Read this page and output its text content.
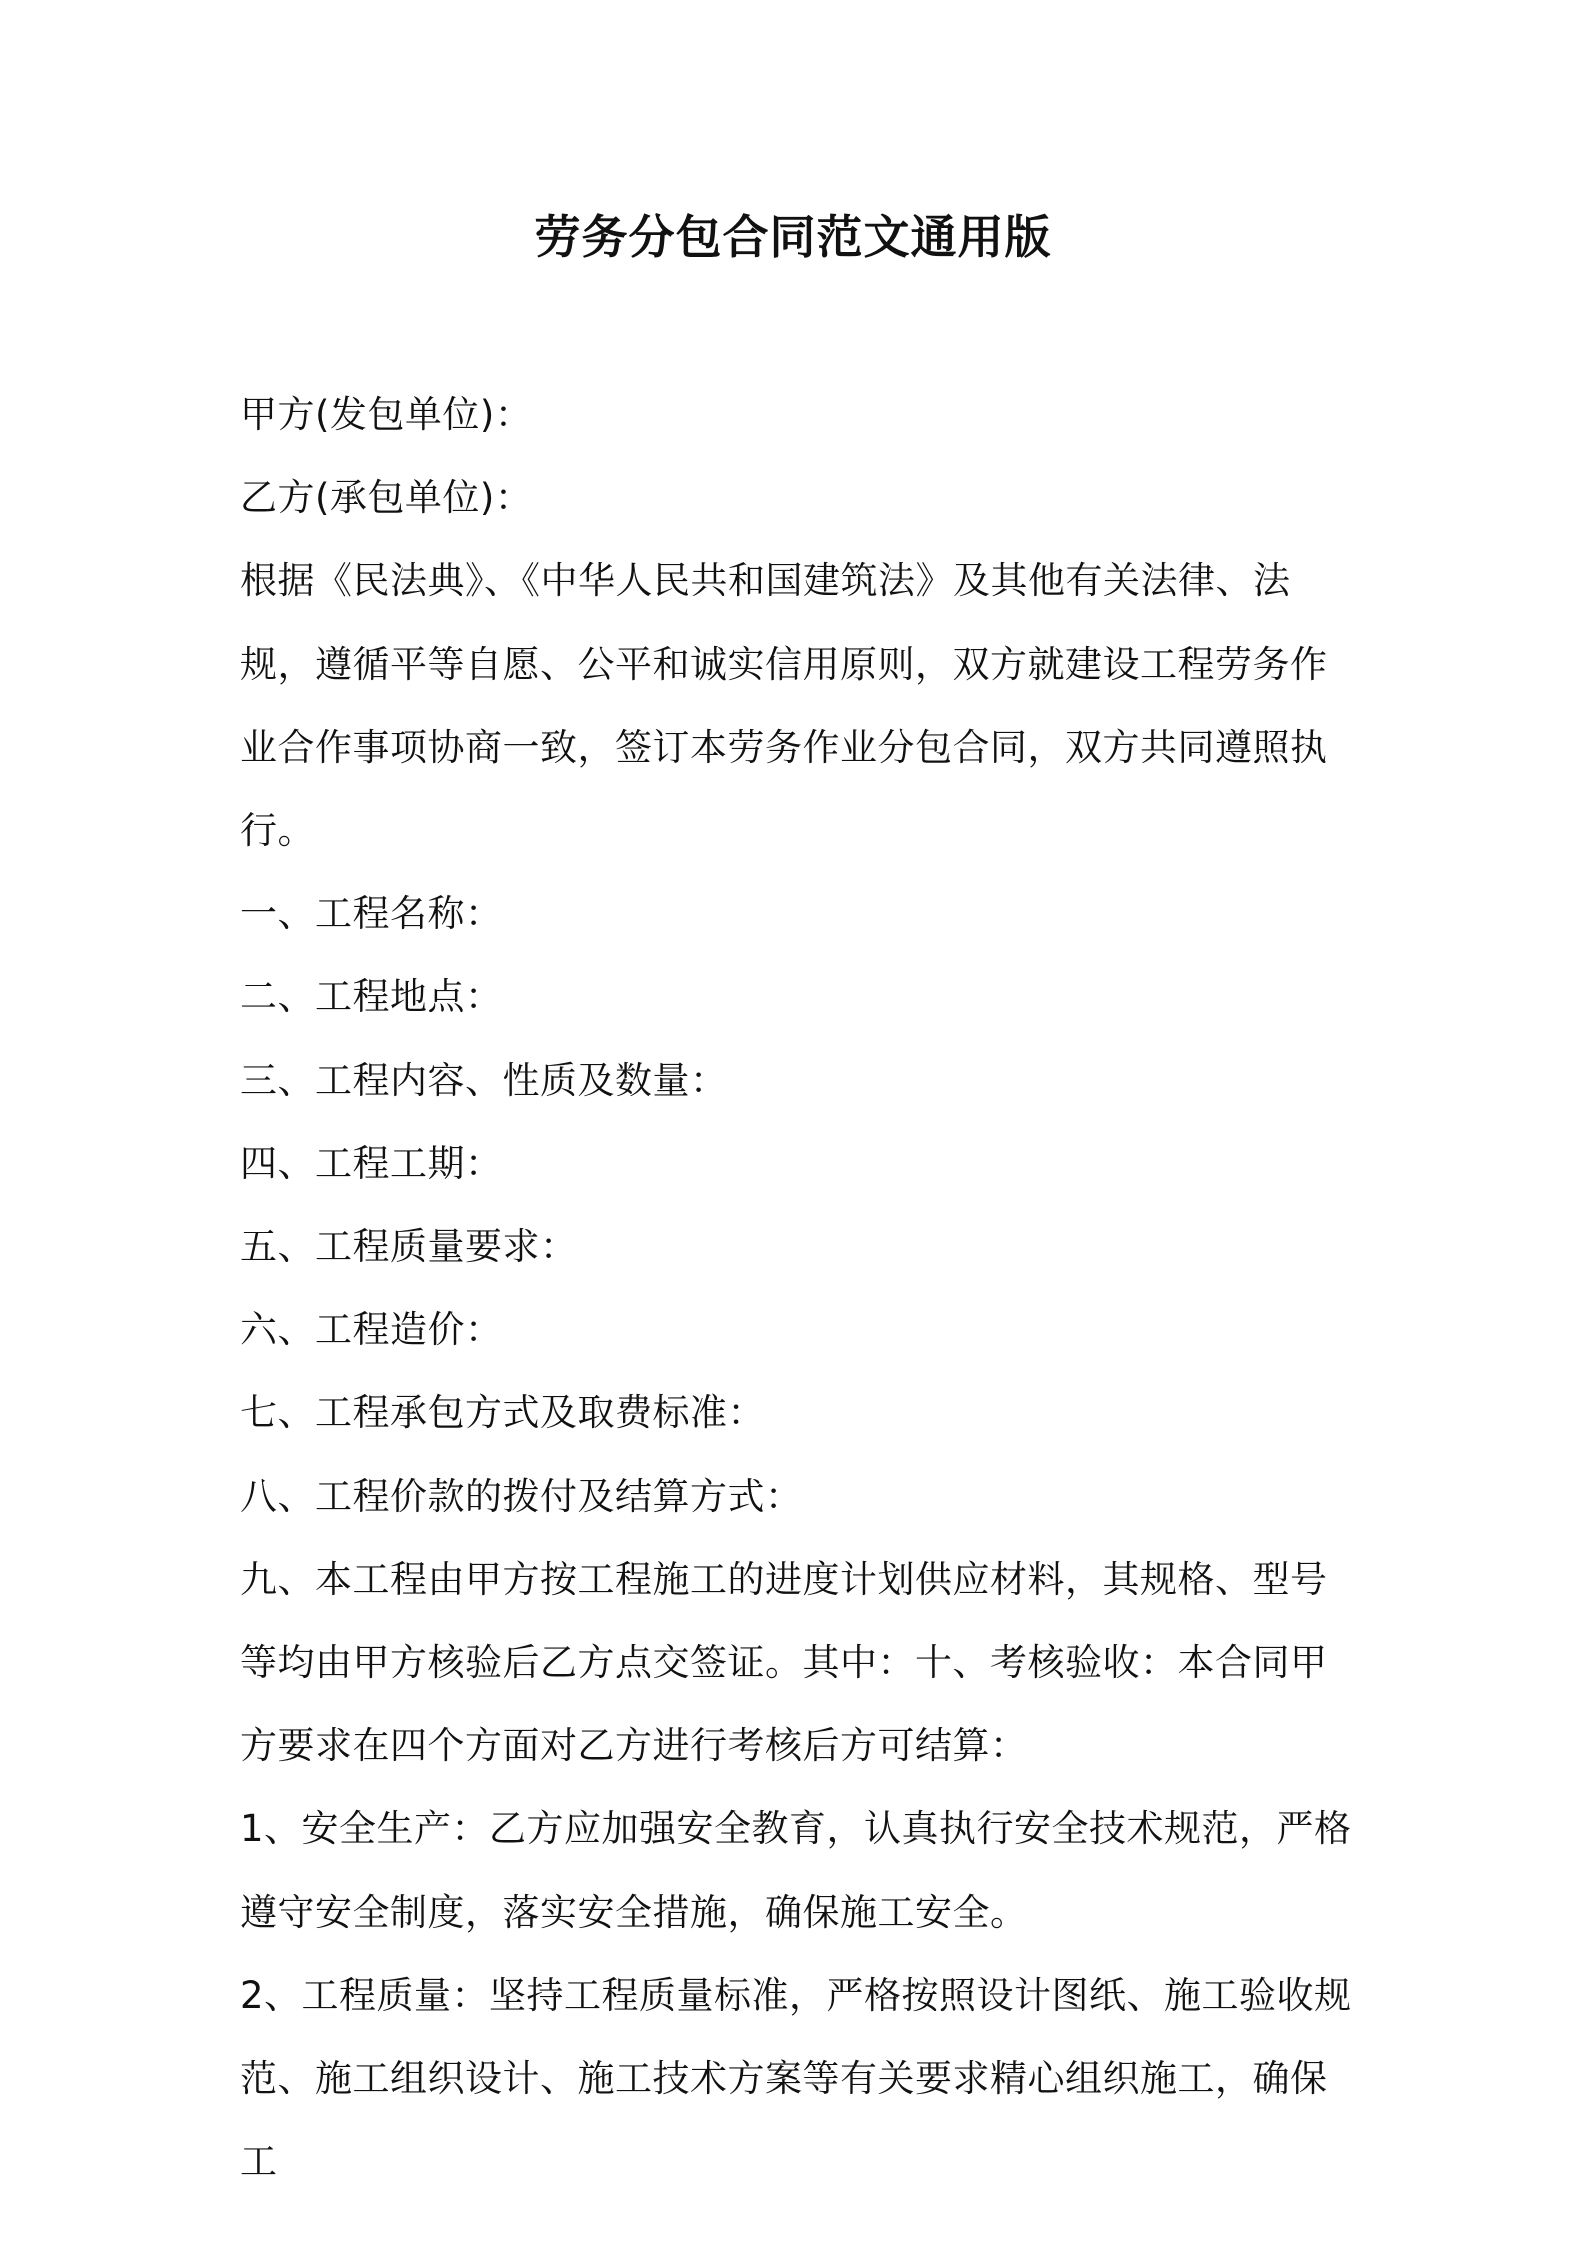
劳务分包合同范文通用版

甲方(发包单位)：

乙方(承包单位)：

根据《民法典》、《中华人民共和国建筑法》及其他有关法律、法规，遵循平等自愿、公平和诚实信用原则，双方就建设工程劳务作业合作事项协商一致，签订本劳务作业分包合同，双方共同遵照执行。

一、工程名称：

二、工程地点：

三、工程内容、性质及数量：

四、工程工期：

五、工程质量要求：

六、工程造价：

七、工程承包方式及取费标准：

八、工程价款的拨付及结算方式：

九、本工程由甲方按工程施工的进度计划供应材料，其规格、型号等均由甲方核验后乙方点交签证。其中：十、考核验收：本合同甲方要求在四个方面对乙方进行考核后方可结算：

1、安全生产：乙方应加强安全教育，认真执行安全技术规范，严格遵守安全制度，落实安全措施，确保施工安全。

2、工程质量：坚持工程质量标准，严格按照设计图纸、施工验收规范、施工组织设计、施工技术方案等有关要求精心组织施工，确保工
